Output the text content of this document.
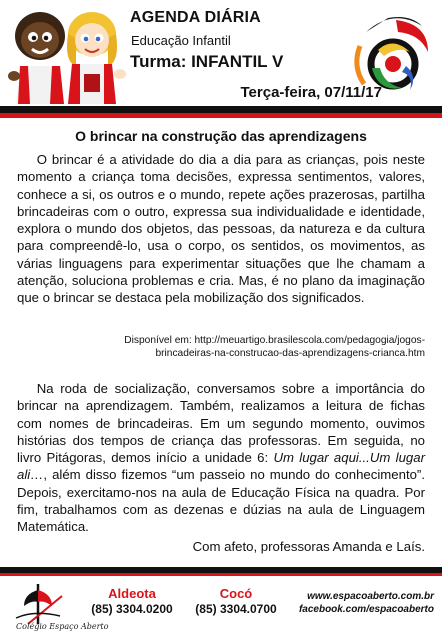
AGENDA DIÁRIA
Educação Infantil
Turma: INFANTIL V
Terça-feira, 07/11/17
O brincar na construção das aprendizagens

  O brincar é a atividade do dia a dia para as crianças, pois neste momento a criança toma decisões, expressa sentimentos, valores, conhece a si, os outros e o mundo, repete ações prazerosas, partilha brincadeiras com o outro, expressa sua individualidade e identidade, explora o mundo dos objetos, das pessoas, da natureza e da cultura para compreendê-lo, usa o corpo, os sentidos, os movimentos, as várias linguagens para experimentar situações que lhe chamam a atenção, soluciona problemas e cria. Mas, é no plano da imaginação que o brincar se destaca pela mobilização dos significados.

Disponível em: http://meuartigo.brasilescola.com/pedagogia/jogos-
brincadeiras-na-construcao-das-aprendizagens-crianca.htm

  Na roda de socialização, conversamos sobre a importância do brincar na aprendizagem. Também, realizamos a leitura de fichas com nomes de brincadeiras. Em um segundo momento, ouvimos histórias dos tempos de criança das professoras. Em seguida, no livro Pitágoras, demos início a unidade 6: Um lugar aqui...Um lugar ali…, além disso fizemos “um passeio no mundo do conhecimento”. Depois, exercitamo-nos na aula de Educação Física na quadra. Por fim, trabalhamos com as dezenas e dúzias na aula de Linguagem Matemática.

Com afeto, professoras Amanda e Laís.
Colégio Espaço Aberto
Aldeota
(85) 3304.0200
Cocó
(85) 3304.0700
www.espacoaberto.com.br
facebook.com/espacoaberto
